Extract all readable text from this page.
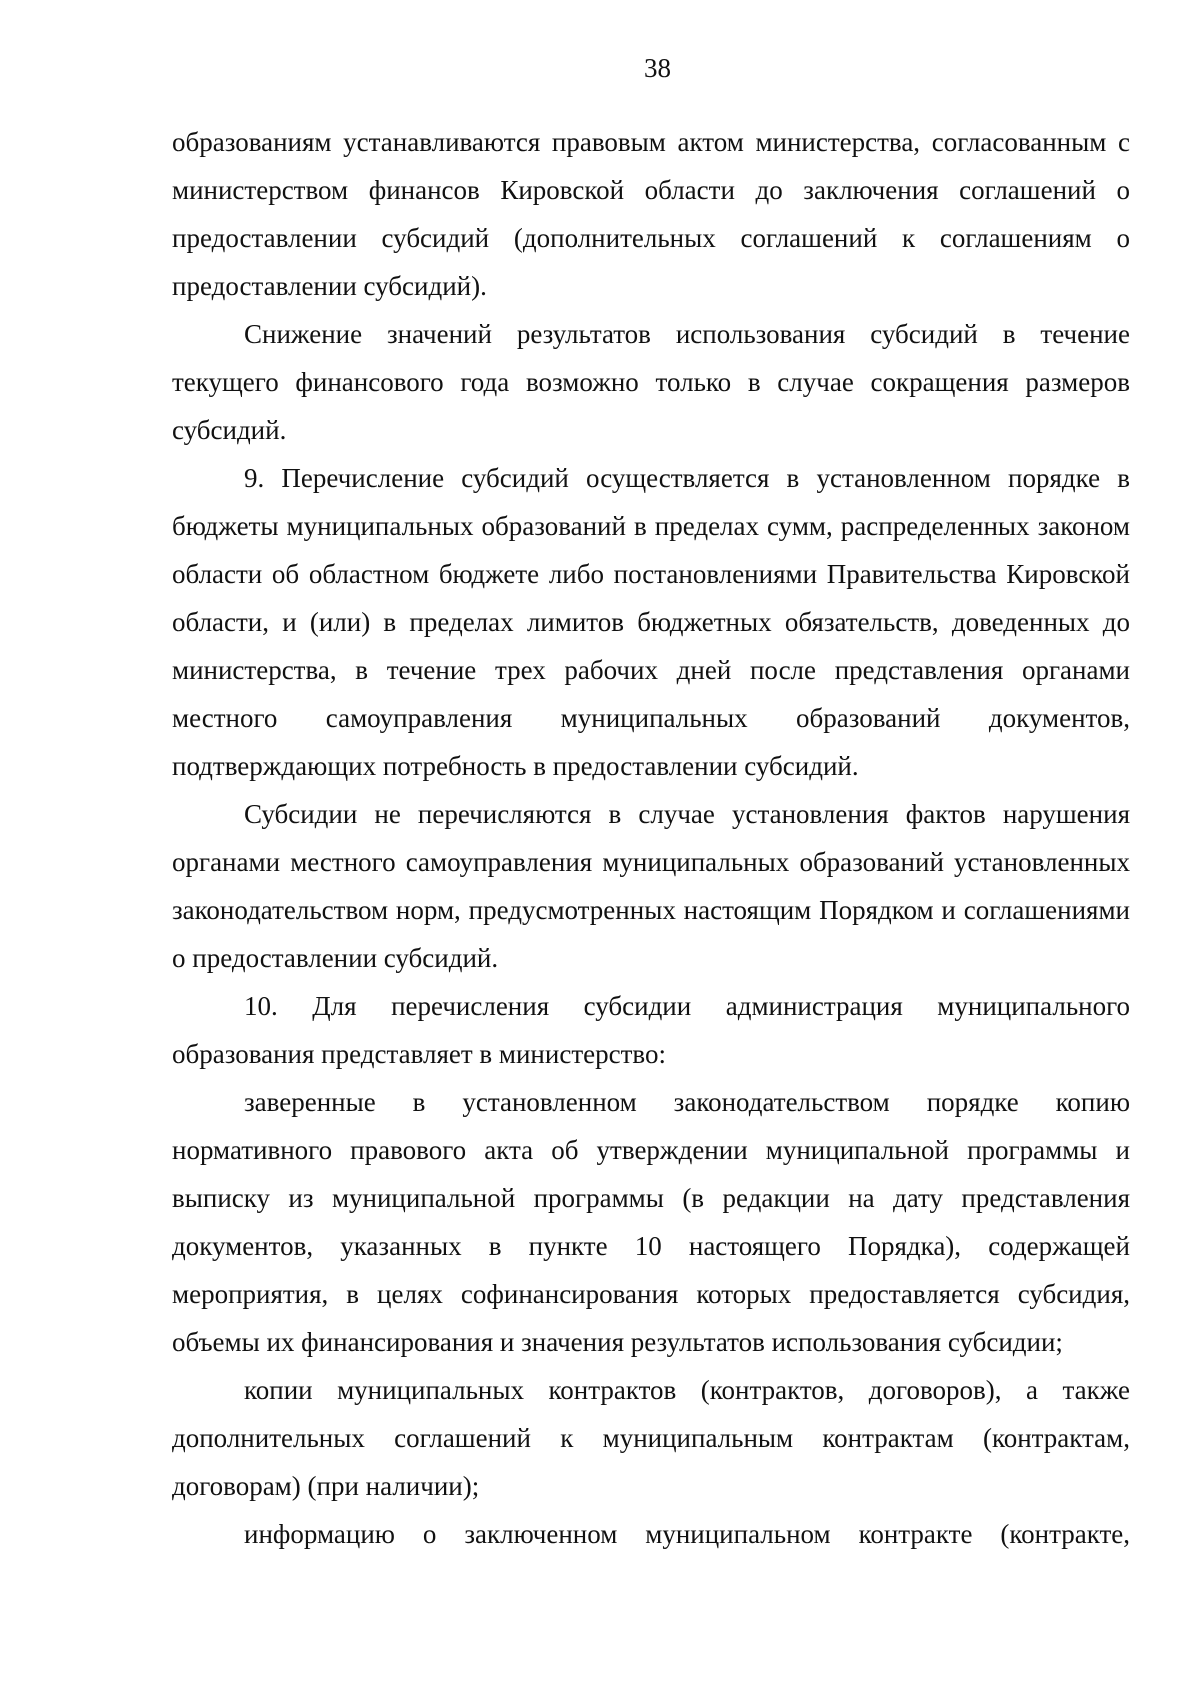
38

образованиям устанавливаются правовым актом министерства, согласованным с министерством финансов Кировской области до заключения соглашений о предоставлении субсидий (дополнительных соглашений к соглашениям о предоставлении субсидий).

Снижение значений результатов использования субсидий в течение текущего финансового года возможно только в случае сокращения размеров субсидий.

9. Перечисление субсидий осуществляется в установленном порядке в бюджеты муниципальных образований в пределах сумм, распределенных законом области об областном бюджете либо постановлениями Правительства Кировской области, и (или) в пределах лимитов бюджетных обязательств, доведенных до министерства, в течение трех рабочих дней после представления органами местного самоуправления муниципальных образований документов, подтверждающих потребность в предоставлении субсидий.

Субсидии не перечисляются в случае установления фактов нарушения органами местного самоуправления муниципальных образований установленных законодательством норм, предусмотренных настоящим Порядком и соглашениями о предоставлении субсидий.

10. Для перечисления субсидии администрация муниципального образования представляет в министерство:

заверенные в установленном законодательством порядке копию нормативного правового акта об утверждении муниципальной программы и выписку из муниципальной программы (в редакции на дату представления документов, указанных в пункте 10 настоящего Порядка), содержащей мероприятия, в целях софинансирования которых предоставляется субсидия, объемы их финансирования и значения результатов использования субсидии;

копии муниципальных контрактов (контрактов, договоров), а также дополнительных соглашений к муниципальным контрактам (контрактам, договорам) (при наличии);

информацию о заключенном муниципальном контракте (контракте,
